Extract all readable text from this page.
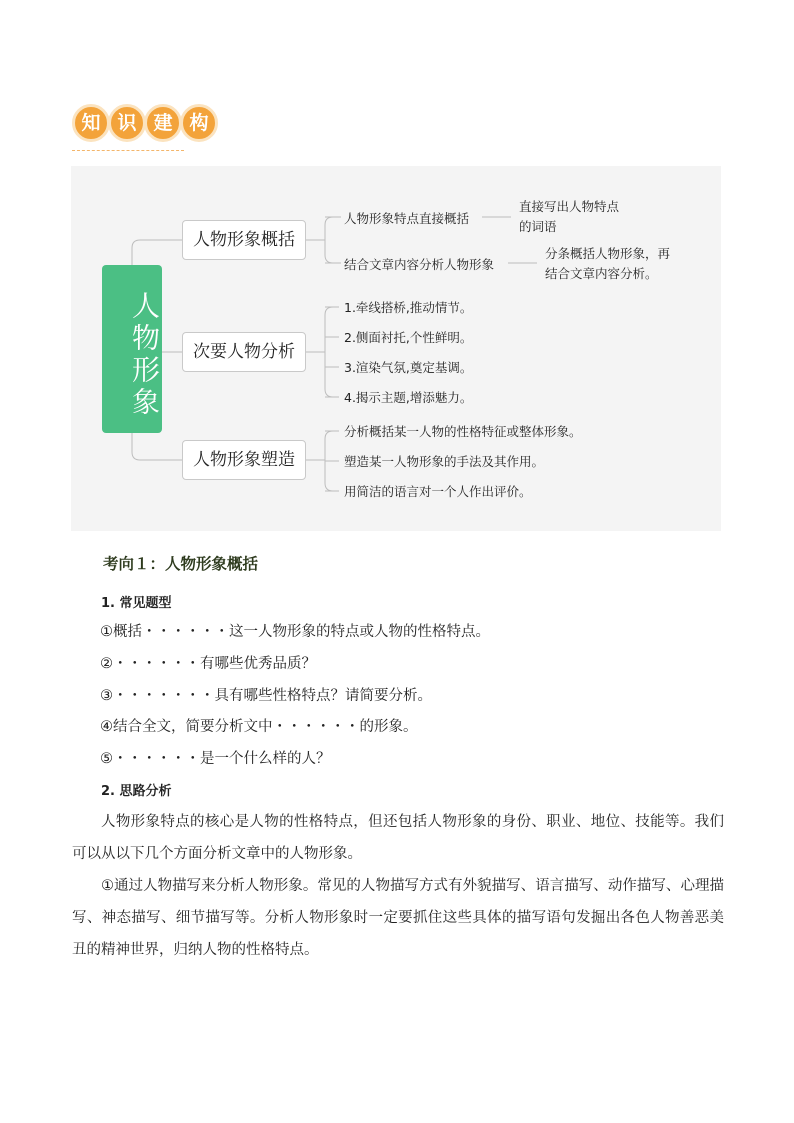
知 识 建 构
人物形象
人物形象概括
次要人物分析
人物形象塑造
人物形象特点直接概括
直接写出人物特点的词语
结合文章内容分析人物形象
分条概括人物形象，再结合文章内容分析。
1.牵线搭桥,推动情节。
2.侧面衬托,个性鲜明。
3.渲染气氛,奠定基调。
4.揭示主题,增添魅力。
分析概括某一人物的性格特征或整体形象。
塑造某一人物形象的手法及其作用。
用简洁的语言对一个人作出评价。
考向１：人物形象概括
1. 常见题型
①概括・・・・・・这一人物形象的特点或人物的性格特点。
②・・・・・・有哪些优秀品质？
③・・・・・・・具有哪些性格特点？请简要分析。
④结合全文，简要分析文中・・・・・・的形象。
⑤・・・・・・是一个什么样的人？
2. 思路分析

人物形象特点的核心是人物的性格特点，但还包括人物形象的身份、职业、地位、技能等。我们可以从以下几个方面分析文章中的人物形象。

①通过人物描写来分析人物形象。常见的人物描写方式有外貌描写、语言描写、动作描写、心理描写、神态描写、细节描写等。分析人物形象时一定要抓住这些具体的描写语句发掘出各色人物善恶美丑的精神世界，归纳人物的性格特点。
